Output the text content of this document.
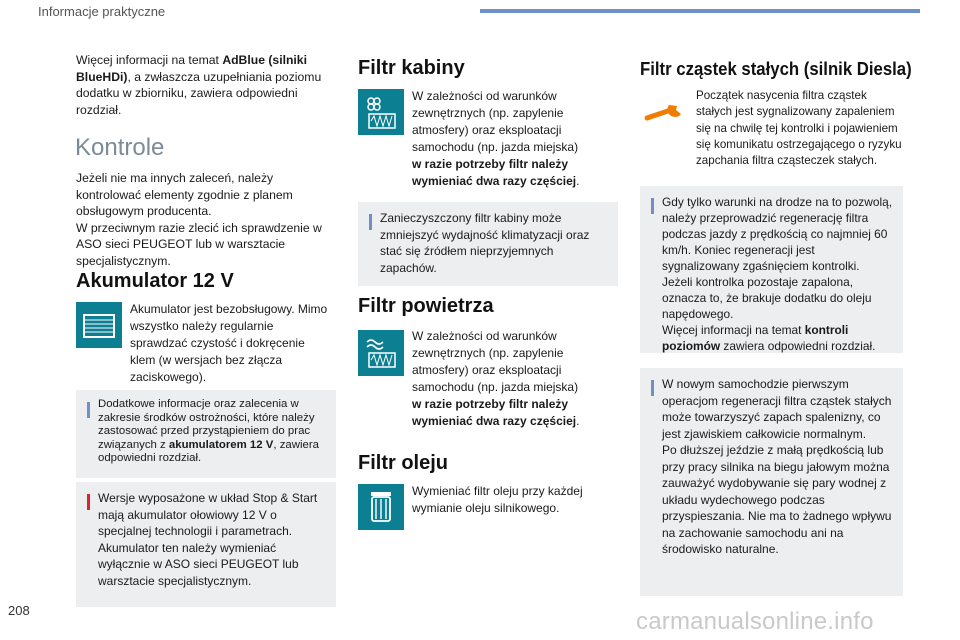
Informacje praktyczne
Więcej informacji na temat AdBlue (silniki BlueHDi), a zwłaszcza uzupełniania poziomu dodatku w zbiorniku, zawiera odpowiedni rozdział.
Kontrole

Jeżeli nie ma innych zaleceń, należy kontrolować elementy zgodnie z planem obsługowym producenta.

W przeciwnym razie zlecić ich sprawdzenie w ASO sieci PEUGEOT lub w warsztacie specjalistycznym.

Akumulator 12 V
Akumulator jest bezobsługowy. Mimo wszystko należy regularnie sprawdzać czystość i dokręcenie klem (w wersjach bez złącza zaciskowego).
Dodatkowe informacje oraz zalecenia w zakresie środków ostrożności, które należy zastosować przed przystąpieniem do prac związanych z akumulatorem 12 V, zawiera odpowiedni rozdział.

Wersje wyposażone w układ Stop & Start mają akumulator ołowiowy 12 V o specjalnej technologii i parametrach.

Akumulator ten należy wymieniać wyłącznie w ASO sieci PEUGEOT lub warsztacie specjalistycznym.

Filtr kabiny

W zależności od warunków zewnętrznych (np. zapylenie atmosfery) oraz eksploatacji samochodu (np. jazda miejska)

w razie potrzeby filtr należy wymieniać dwa razy częściej.

Zanieczyszczony filtr kabiny może zmniejszyć wydajność klimatyzacji oraz stać się źródłem nieprzyjemnych zapachów.
Filtr powietrza

W zależności od warunków zewnętrznych (np. zapylenie atmosfery) oraz eksploatacji samochodu (np. jazda miejska)

w razie potrzeby filtr należy wymieniać dwa razy częściej.

Filtr oleju
Wymieniać filtr oleju przy każdej wymianie oleju silnikowego.
Filtr cząstek stałych (silnik Diesla)
Początek nasycenia filtra cząstek stałych jest sygnalizowany zapaleniem się na chwilę tej kontrolki i pojawieniem się komunikatu ostrzegającego o ryzyku zapchania filtra cząsteczek stałych.

Gdy tylko warunki na drodze na to pozwolą, należy przeprowadzić regenerację filtra podczas jazdy z prędkością co najmniej 60 km/h. Koniec regeneracji jest sygnalizowany zgaśnięciem kontrolki.

Jeżeli kontrolka pozostaje zapalona, oznacza to, że brakuje dodatku do oleju napędowego.

Więcej informacji na temat kontroli poziomów zawiera odpowiedni rozdział.

W nowym samochodzie pierwszym operacjom regeneracji filtra cząstek stałych może towarzyszyć zapach spalenizny, co jest zjawiskiem całkowicie normalnym.

Po dłuższej jeździe z małą prędkością lub przy pracy silnika na biegu jałowym można zauważyć wydobywanie się pary wodnej z układu wydechowego podczas przyspieszania. Nie ma to żadnego wpływu na zachowanie samochodu ani na środowisko naturalne.

208	carmanualsonline.info
